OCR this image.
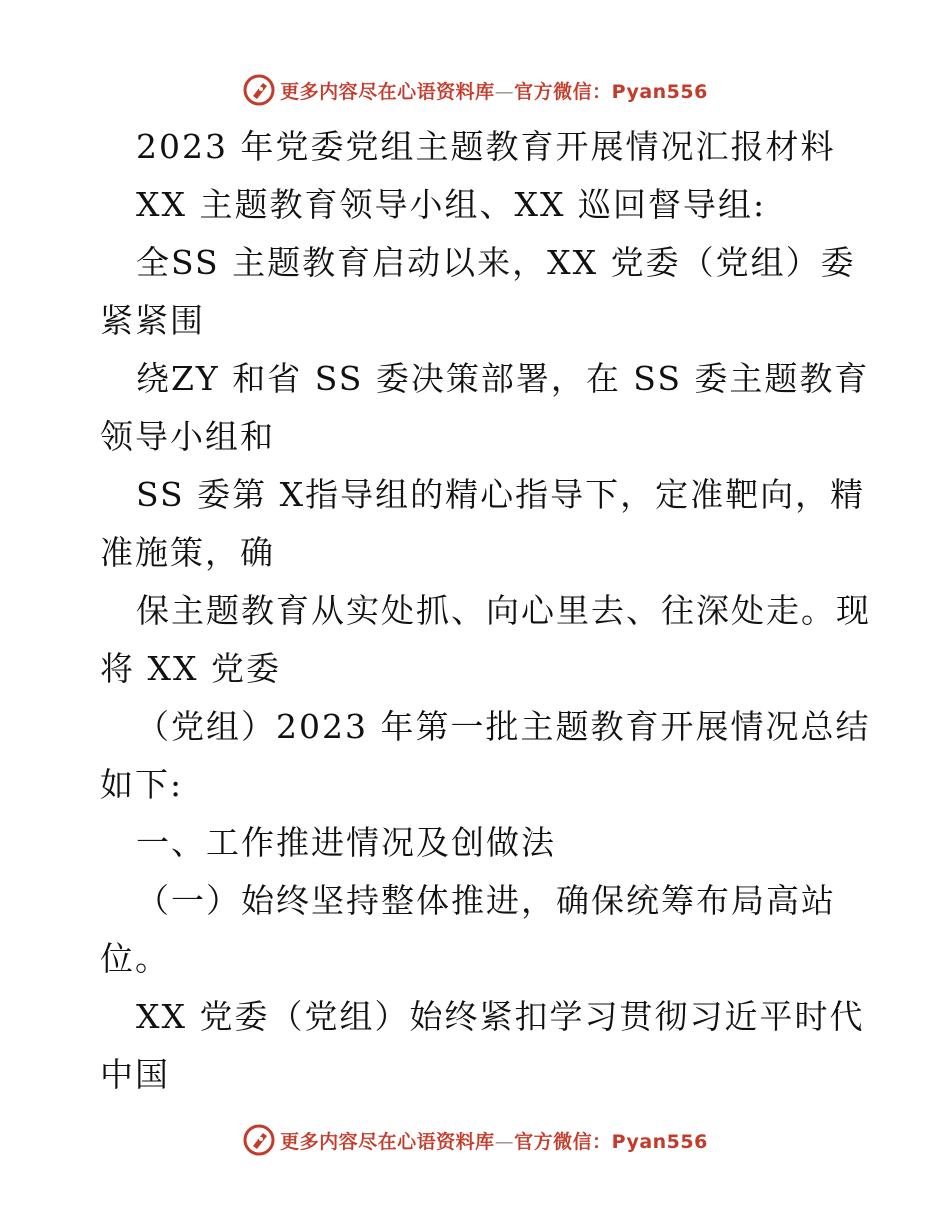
更多内容尽在心语资料库—官方微信：Pyan556
2023 年党委党组主题教育开展情况汇报材料
XX 主题教育领导小组、XX 巡回督导组:
全SS 主题教育启动以来，XX 党委（党组）委
紧紧围
绕ZY 和省 SS 委决策部署，在 SS 委主题教育
领导小组和
SS 委第 X指导组的精心指导下，定准靶向，精
准施策，确
保主题教育从实处抓、向心里去、往深处走。现
将 XX 党委
（党组）2023 年第一批主题教育开展情况总结
如下:
一、工作推进情况及创做法
（一）始终坚持整体推进，确保统筹布局高站
位。
XX 党委（党组）始终紧扣学习贯彻习近平时代
中国
更多内容尽在心语资料库—官方微信：Pyan556
